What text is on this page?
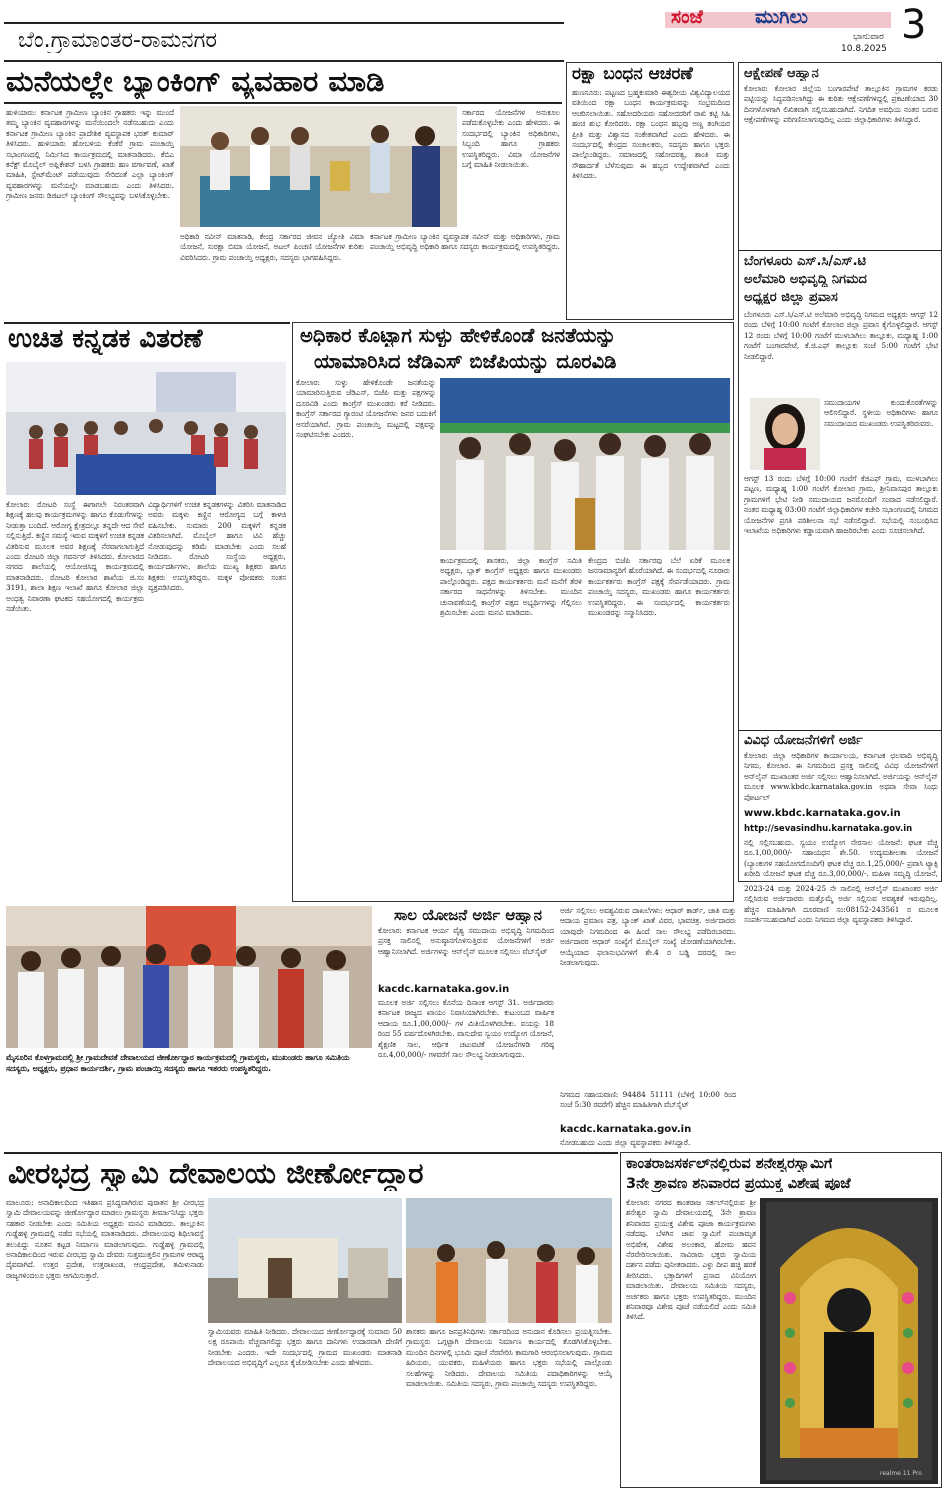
ಬೆಂ.ಗ್ರಾಮಾಂತರ-ರಾಮನಗರ
ಸಂಜೆ	ಮುಗಿಲು
ಭಾನುವಾರ
10.8.2025
3
ಮನೆಯಲ್ಲೇ ಬ್ಯಾಂಕಿಂಗ್ ವ್ಯವಹಾರ ಮಾಡಿ
ಹುಳಿಯಾರು: ಕರ್ನಾಟಕ ಗ್ರಾಮೀಣ ಬ್ಯಾಂಕಿನ ಗ್ರಾಹಕರು ಇನ್ನು ಮುಂದೆ ತಮ್ಮ ಬ್ಯಾಂಕಿನ ವ್ಯವಹಾರಗಳನ್ನು ಮನೆಯಿಂದಲೇ ನಡೆಸಬಹುದು ಎಂದು ಕರ್ನಾಟಕ ಗ್ರಾಮೀಣ ಬ್ಯಾಂಕಿನ ಪ್ರಾದೇಶಿಕ ವ್ಯವಸ್ಥಾಪಕ ಭರತ್ ಕುಮಾರ್ ತಿಳಿಸಿದರು. ಹುಳಿಯಾರು ಹೋಬಳಿಯ ಕೆಂಕೆರೆ ಗ್ರಾಮ ಪಂಚಾಯ್ತಿ ಸಭಾಂಗಣದಲ್ಲಿ ನಿರ್ಮಿಸಿದ ಕಾರ್ಯಕ್ರಮದಲ್ಲಿ ಮಾತನಾಡಿದರು. ಕೆಬಿಎ ಕನೆಕ್ಟ್ ಮೊಬೈಲ್ ಅಪ್ಲಿಕೇಶನ್ ಬಳಸಿ ಗ್ರಾಹಕರು ಹಣ ವರ್ಗಾವಣೆ, ಖಾತೆ ಮಾಹಿತಿ, ಸ್ಟೇಟ್‌ಮೆಂಟ್ ಪಡೆಯುವುದು ಸೇರಿದಂತೆ ಎಲ್ಲಾ ಬ್ಯಾಂಕಿಂಗ್ ವ್ಯವಹಾರಗಳನ್ನು ಮನೆಯಲ್ಲೇ ಮಾಡಬಹುದು ಎಂದು ತಿಳಿಸಿದರು. ಗ್ರಾಮೀಣ ಜನರು ಡಿಜಿಟಲ್ ಬ್ಯಾಂಕಿಂಗ್ ಸೌಲಭ್ಯವನ್ನು ಬಳಸಿಕೊಳ್ಳಬೇಕು.
ಸರ್ಕಾರದ ಯೋಜನೆಗಳ ಅನುಕೂಲ ಪಡೆದುಕೊಳ್ಳಬೇಕು ಎಂದು ಹೇಳಿದರು. ಈ ಸಂದರ್ಭದಲ್ಲಿ ಬ್ಯಾಂಕಿನ ಅಧಿಕಾರಿಗಳು, ಸಿಬ್ಬಂದಿ ಹಾಗೂ ಗ್ರಾಹಕರು ಉಪಸ್ಥಿತರಿದ್ದರು. ವಿಮಾ ಯೋಜನೆಗಳ ಬಗ್ಗೆ ಮಾಹಿತಿ ನೀಡಲಾಯಿತು.
ಅಧಿಕಾರಿ ನವೀನ್ ಮಾತನಾಡಿ, ಕೇಂದ್ರ ಸರ್ಕಾರದ ಜೀವನ ಜ್ಯೋತಿ ವಿಮಾ ಯೋಜನೆ, ಸುರಕ್ಷಾ ಬಿಮಾ ಯೋಜನೆ, ಅಟಲ್ ಪಿಂಚಣಿ ಯೋಜನೆಗಳ ಕುರಿತು ವಿವರಿಸಿದರು. ಗ್ರಾಮ ಪಂಚಾಯ್ತಿ ಅಧ್ಯಕ್ಷರು, ಸದಸ್ಯರು ಭಾಗವಹಿಸಿದ್ದರು.
ಕರ್ನಾಟಕ ಗ್ರಾಮೀಣ ಬ್ಯಾಂಕಿನ ವ್ಯವಸ್ಥಾಪಕ ನವೀನ್ ಮತ್ತು ಅಧಿಕಾರಿಗಳು, ಗ್ರಾಮ ಪಂಚಾಯ್ತಿ ಅಭಿವೃದ್ಧಿ ಅಧಿಕಾರಿ ಹಾಗೂ ಸದಸ್ಯರು ಕಾರ್ಯಕ್ರಮದಲ್ಲಿ ಉಪಸ್ಥಿತರಿದ್ದರು.
ರಕ್ಷಾ ಬಂಧನ ಆಚರಣೆ
ಹುಣಸೂರು: ಪಟ್ಟಣದ ಬ್ರಹ್ಮಕುಮಾರಿ ಈಶ್ವರೀಯ ವಿಶ್ವವಿದ್ಯಾಲಯದ ವತಿಯಿಂದ ರಕ್ಷಾ ಬಂಧನ ಕಾರ್ಯಕ್ರಮವನ್ನು ಸಂಭ್ರಮದಿಂದ ಆಚರಿಸಲಾಯಿತು. ಸಹೋದರಿಯರು ಸಹೋದರರಿಗೆ ರಾಖಿ ಕಟ್ಟಿ ಸಿಹಿ ಹಂಚಿ ಶುಭ ಕೋರಿದರು. ರಕ್ಷಾ ಬಂಧನ ಹಬ್ಬವು ಅಣ್ಣ ತಂಗಿಯರ ಪ್ರೀತಿ ಮತ್ತು ವಿಶ್ವಾಸದ ಸಂಕೇತವಾಗಿದೆ ಎಂದು ಹೇಳಿದರು. ಈ ಸಂದರ್ಭದಲ್ಲಿ ಕೇಂದ್ರದ ಸಂಚಾಲಕರು, ಸದಸ್ಯರು ಹಾಗೂ ಭಕ್ತರು ಪಾಲ್ಗೊಂಡಿದ್ದರು. ಸಮಾಜದಲ್ಲಿ ಸಹೋದರತ್ವ, ಶಾಂತಿ ಮತ್ತು ಸೌಹಾರ್ದತೆ ಬೆಳೆಸುವುದು ಈ ಹಬ್ಬದ ಉದ್ದೇಶವಾಗಿದೆ ಎಂದು ತಿಳಿಸಿದರು.
ಆಕ್ಷೇಪಣೆ ಆಹ್ವಾನ
ಕೋಲಾರ: ಕೋಲಾರ ಜಿಲ್ಲೆಯ ಬಂಗಾರಪೇಟೆ ತಾಲ್ಲೂಕಿನ ಗ್ರಾಮಗಳ ಕರಡು ಪಟ್ಟಿಯನ್ನು ಸಿದ್ಧಪಡಿಸಲಾಗಿದ್ದು ಈ ಕುರಿತು ಆಕ್ಷೇಪಣೆಗಳಿದ್ದಲ್ಲಿ ಪ್ರಕಟಣೆಯಾದ 30 ದಿನಗಳೊಳಗಾಗಿ ಲಿಖಿತವಾಗಿ ಸಲ್ಲಿಸಬಹುದಾಗಿದೆ. ನಿಗದಿತ ಅವಧಿಯ ನಂತರ ಬರುವ ಆಕ್ಷೇಪಣೆಗಳನ್ನು ಪರಿಗಣಿಸಲಾಗುವುದಿಲ್ಲ ಎಂದು ಜಿಲ್ಲಾಧಿಕಾರಿಗಳು ತಿಳಿಸಿದ್ದಾರೆ.
ಬೆಂಗಳೂರು ಎಸ್.ಸಿ/ಎಸ್.ಟಿ
ಅಲೆಮಾರಿ ಅಭಿವೃದ್ಧಿ ನಿಗಮದ
ಅಧ್ಯಕ್ಷರ ಜಿಲ್ಲಾ ಪ್ರವಾಸ
ಬೆಂಗಳೂರು ಎಸ್.ಸಿ/ಎಸ್.ಟಿ ಅಲೆಮಾರಿ ಅಭಿವೃದ್ಧಿ ನಿಗಮದ ಅಧ್ಯಕ್ಷರು ಆಗಸ್ಟ್ 12 ರಂದು ಬೆಳಿಗ್ಗೆ 10:00 ಗಂಟೆಗೆ ಕೋಲಾರ ಜಿಲ್ಲಾ ಪ್ರವಾಸ ಕೈಗೊಳ್ಳಲಿದ್ದಾರೆ. ಆಗಸ್ಟ್ 12 ರಂದು ಬೆಳಿಗ್ಗೆ 10:00 ಗಂಟೆಗೆ ಮುಳಬಾಗಿಲು ತಾಲ್ಲೂಕು, ಮಧ್ಯಾಹ್ನ 1:00 ಗಂಟೆಗೆ ಬಂಗಾರಪೇಟೆ, ಕೆ.ಜಿ.ಎಫ್ ತಾಲ್ಲೂಕು ಸಂಜೆ 5:00 ಗಂಟೆಗೆ ಭೇಟಿ ನೀಡಲಿದ್ದಾರೆ.
ಸಮುದಾಯಗಳ ಕುಂದುಕೊರತೆಗಳನ್ನು ಆಲಿಸಲಿದ್ದಾರೆ. ಸ್ಥಳೀಯ ಅಧಿಕಾರಿಗಳು ಹಾಗೂ ಸಮುದಾಯದ ಮುಖಂಡರು ಉಪಸ್ಥಿತರಿರುವರು.
ಆಗಸ್ಟ್ 13 ರಂದು ಬೆಳಿಗ್ಗೆ 10:00 ಗಂಟೆಗೆ ಕೆಜಿಎಫ್ ಗ್ರಾಮ, ಮುಳಬಾಗಿಲು ಪಟ್ಟಣ, ಮಧ್ಯಾಹ್ನ 1:00 ಗಂಟೆಗೆ ಕೋಲಾರ ಗ್ರಾಮ, ಶ್ರೀನಿವಾಸಪುರ ತಾಲ್ಲೂಕು ಗ್ರಾಮಗಳಿಗೆ ಭೇಟಿ ನೀಡಿ ಸಮುದಾಯದ ಜನರೊಂದಿಗೆ ಸಂವಾದ ನಡೆಸಲಿದ್ದಾರೆ. ನಂತರ ಮಧ್ಯಾಹ್ನ 03:00 ಗಂಟೆಗೆ ಜಿಲ್ಲಾಧಿಕಾರಿಗಳ ಕಚೇರಿ ಸಭಾಂಗಣದಲ್ಲಿ ನಿಗಮದ ಯೋಜನೆಗಳ ಪ್ರಗತಿ ಪರಿಶೀಲನಾ ಸಭೆ ನಡೆಸಲಿದ್ದಾರೆ. ಸಭೆಯಲ್ಲಿ ಸಂಬಂಧಿಸಿದ ಇಲಾಖೆಯ ಅಧಿಕಾರಿಗಳು ಕಡ್ಡಾಯವಾಗಿ ಹಾಜರಿರಬೇಕು ಎಂದು ಸೂಚಿಸಲಾಗಿದೆ.
ವಿವಿಧ ಯೋಜನೆಗಳಿಗೆ ಅರ್ಜಿ
ಕೋಲಾರ: ಜಿಲ್ಲಾ ಆಧಿಕಾರಿಗಳ ಕಾರ್ಯಾಲಯ, ಕರ್ನಾಟಕ ಛಲವಾದಿ ಅಭಿವೃದ್ಧಿ ನಿಗಮ, ಕೋಲಾರ. ಈ ನಿಗಮದಿಂದ ಪ್ರಸಕ್ತ ಸಾಲಿನಲ್ಲಿ ವಿವಿಧ ಯೋಜನೆಗಳಿಗೆ ಆನ್‌ಲೈನ್ ಮುಖಾಂತರ ಅರ್ಜಿ ಸಲ್ಲಿಸಲು ಆಹ್ವಾನಿಸಲಾಗಿದೆ. ಅರ್ಜಿಯನ್ನು ಆನ್‌ಲೈನ್ ಮೂಲಕ www.kbdc.karnataka.gov.in ಅಥವಾ ಸೇವಾ ಸಿಂಧು ಪೋರ್ಟಲ್
www.kbdc.karnataka.gov.in
http://sevasindhu.karnataka.gov.in
ನಲ್ಲಿ ಸಲ್ಲಿಸಬಹುದು. ಸ್ವಯಂ ಉದ್ಯೋಗ ನೇರಸಾಲ ಯೋಜನೆ: ಘಟಕ ವೆಚ್ಚ ರೂ.1,00,000/- ಸಹಾಯಧನ ಶೇ.50. ಉದ್ಯಮಶೀಲತಾ ಯೋಜನೆ (ಬ್ಯಾಂಕುಗಳ ಸಹಯೋಗದೊಂದಿಗೆ) ಘಟಕ ವೆಚ್ಚ ರೂ.1,25,000/- ಪ್ರವಾಸಿ ಟ್ಯಾಕ್ಸಿ ಖರೀದಿ ಯೋಜನೆ ಘಟಕ ವೆಚ್ಚ ರೂ.3,00,000/-. ಮಹಿಳಾ ಸಮೃದ್ಧಿ ಯೋಜನೆ,
2023-24 ಮತ್ತು 2024-25 ನೇ ಸಾಲಿನಲ್ಲಿ ಆನ್‌ಲೈನ್ ಮುಖಾಂತರ ಅರ್ಜಿ ಸಲ್ಲಿಸಿರುವ ಅರ್ಜಿದಾರರು ಮತ್ತೊಮ್ಮೆ ಅರ್ಜಿ ಸಲ್ಲಿಸುವ ಅವಶ್ಯಕತೆ ಇರುವುದಿಲ್ಲ. ಹೆಚ್ಚಿನ ಮಾಹಿತಿಗಾಗಿ ದೂರವಾಣಿ ಸಂ:08152-243561 ರ ಮೂಲಕ ಸಂಪರ್ಕಿಸಬಹುದಾಗಿದೆ ಎಂದು ನಿಗಮದ ಜಿಲ್ಲಾ ವ್ಯವಸ್ಥಾಪಕರು ತಿಳಿಸಿದ್ದಾರೆ.
ಉಚಿತ ಕನ್ನಡಕ ವಿತರಣೆ
ಕೋಲಾರ: ರೋಟರಿ ಸಂಸ್ಥೆ ಈಗಾಗಲೇ ನಿರಂತರವಾಗಿ ಶಿಕ್ಷಣಕ್ಕೆ ಹಲವು ಕಾರ್ಯಕ್ರಮಗಳನ್ನು ಹಾಗೂ ಕೊಡುಗೆಗಳನ್ನು ನೀಡುತ್ತಾ ಬಂದಿದೆ. ಆರೋಗ್ಯ ಕ್ಷೇತ್ರದಲ್ಲೂ ತನ್ನದೇ ಆದ ಸೇವೆ ಸಲ್ಲಿಸುತ್ತಿದೆ. ಕಣ್ಣಿನ ಸಮಸ್ಯೆ ಇರುವ ಮಕ್ಕಳಿಗೆ ಉಚಿತ ಕನ್ನಡಕ ವಿತರಿಸುವ ಮೂಲಕ ಅವರ ಶಿಕ್ಷಣಕ್ಕೆ ನೆರವಾಗಲಾಗುತ್ತಿದೆ ಎಂದು ರೋಟರಿ ಜಿಲ್ಲಾ ಗವರ್ನರ್ ತಿಳಿಸಿದರು. ಕೋಲಾರದ ನಗರದ ಶಾಲೆಯಲ್ಲಿ ಆಯೋಜಿಸಿದ್ದ ಕಾರ್ಯಕ್ರಮದಲ್ಲಿ ಮಾತನಾಡಿದರು. ರೋಟರಿ ಕೋಲಾರ ಶಾಖೆಯ ಜಿ.ಸಂ 3191, ಶಾಲಾ ಶಿಕ್ಷಣ ಇಲಾಖೆ ಹಾಗೂ ಕೋಲಾರ ಜಿಲ್ಲಾ ಅಂಧತ್ವ ನಿವಾರಣಾ ಘಟಕದ ಸಹಯೋಗದಲ್ಲಿ ಕಾರ್ಯಕ್ರಮ ನಡೆಯಿತು.
ವಿದ್ಯಾರ್ಥಿಗಳಿಗೆ ಉಚಿತ ಕನ್ನಡಕಗಳನ್ನು ವಿತರಿಸಿ ಮಾತನಾಡಿದ ಅವರು ಮಕ್ಕಳು ಕಣ್ಣಿನ ಆರೋಗ್ಯದ ಬಗ್ಗೆ ಕಾಳಜಿ ವಹಿಸಬೇಕು. ಸುಮಾರು 200 ಮಕ್ಕಳಿಗೆ ಕನ್ನಡಕ ವಿತರಿಸಲಾಗಿದೆ. ಮೊಬೈಲ್ ಹಾಗೂ ಟಿವಿ ಹೆಚ್ಚು ನೋಡುವುದನ್ನು ಕಡಿಮೆ ಮಾಡಬೇಕು ಎಂದು ಸಲಹೆ ನೀಡಿದರು. ರೋಟರಿ ಸಂಸ್ಥೆಯ ಅಧ್ಯಕ್ಷರು, ಕಾರ್ಯದರ್ಶಿಗಳು, ಶಾಲೆಯ ಮುಖ್ಯ ಶಿಕ್ಷಕರು ಹಾಗೂ ಶಿಕ್ಷಕರು ಉಪಸ್ಥಿತರಿದ್ದರು. ಮಕ್ಕಳ ಪೋಷಕರು ಸಂತಸ ವ್ಯಕ್ತಪಡಿಸಿದರು.
ಅಧಿಕಾರ ಕೊಟ್ಟಾಗ ಸುಳ್ಳು ಹೇಳಿಕೊಂಡೆ ಜನತೆಯನ್ನು
ಯಾಮಾರಿಸಿದ ಜೆಡಿಎಸ್ ಬಿಜೆಪಿಯನ್ನು ದೂರವಿಡಿ
ಕೋಲಾರ: ಸುಳ್ಳು ಹೇಳಿಕೊಂಡೇ ಜನತೆಯನ್ನು ಯಾಮಾರಿಸುತ್ತಿರುವ ಜೆಡಿಎಸ್, ಬಿಜೆಪಿ ಮತ್ತು ಪಕ್ಷಗಳನ್ನು ದೂರವಿಡಿ ಎಂದು ಕಾಂಗ್ರೆಸ್ ಮುಖಂಡರು ಕರೆ ನೀಡಿದರು. ಕಾಂಗ್ರೆಸ್ ಸರ್ಕಾರದ ಗ್ಯಾರಂಟಿ ಯೋಜನೆಗಳು ಜನರ ಬದುಕಿಗೆ ಆಸರೆಯಾಗಿವೆ. ಗ್ರಾಮ ಪಂಚಾಯ್ತಿ ಮಟ್ಟದಲ್ಲಿ ಪಕ್ಷವನ್ನು ಸಂಘಟಿಸಬೇಕು ಎಂದರು.
ಕಾರ್ಯಕ್ರಮದಲ್ಲಿ ಶಾಸಕರು, ಜಿಲ್ಲಾ ಕಾಂಗ್ರೆಸ್ ಸಮಿತಿ ಅಧ್ಯಕ್ಷರು, ಬ್ಲಾಕ್ ಕಾಂಗ್ರೆಸ್ ಅಧ್ಯಕ್ಷರು ಹಾಗೂ ಮುಖಂಡರು ಪಾಲ್ಗೊಂಡಿದ್ದರು. ಪಕ್ಷದ ಕಾರ್ಯಕರ್ತರು ಮನೆ ಮನೆಗೆ ತೆರಳಿ ಸರ್ಕಾರದ ಸಾಧನೆಗಳನ್ನು ತಿಳಿಸಬೇಕು. ಮುಂದಿನ ಚುನಾವಣೆಯಲ್ಲಿ ಕಾಂಗ್ರೆಸ್ ಪಕ್ಷದ ಅಭ್ಯರ್ಥಿಗಳನ್ನು ಗೆಲ್ಲಿಸಲು ಶ್ರಮಿಸಬೇಕು ಎಂದು ಮನವಿ ಮಾಡಿದರು.
ಕೇಂದ್ರದ ಬಿಜೆಪಿ ಸರ್ಕಾರವು ಬೆಲೆ ಏರಿಕೆ ಮೂಲಕ ಜನಸಾಮಾನ್ಯರಿಗೆ ಹೊರೆಯಾಗಿದೆ. ಈ ಸಂದರ್ಭದಲ್ಲಿ ನೂರಾರು ಕಾರ್ಯಕರ್ತರು ಕಾಂಗ್ರೆಸ್ ಪಕ್ಷಕ್ಕೆ ಸೇರ್ಪಡೆಯಾದರು. ಗ್ರಾಮ ಪಂಚಾಯ್ತಿ ಸದಸ್ಯರು, ಮುಖಂಡರು ಹಾಗೂ ಕಾರ್ಯಕರ್ತರು ಉಪಸ್ಥಿತರಿದ್ದರು. ಈ ಸಂದರ್ಭದಲ್ಲಿ ಕಾರ್ಯಕರ್ತರು ಮುಖಂಡರನ್ನು ಸನ್ಮಾನಿಸಿದರು.
ಮೈಸೂರಿನ ಕೊಳಗ್ರಾಮದಲ್ಲಿ ಶ್ರೀ ಗ್ರಾಮದೇವತೆ ದೇವಾಲಯದ ಜೀರ್ಣೋದ್ಧಾರ ಕಾರ್ಯಕ್ರಮದಲ್ಲಿ ಗ್ರಾಮಸ್ಥರು, ಮುಖಂಡರು ಹಾಗೂ ಸಮಿತಿಯ ಸದಸ್ಯರು, ಅಧ್ಯಕ್ಷರು, ಪ್ರಧಾನ ಕಾರ್ಯದರ್ಶಿ, ಗ್ರಾಮ ಪಂಚಾಯ್ತಿ ಸದಸ್ಯರು ಹಾಗೂ ಇತರರು ಉಪಸ್ಥಿತರಿದ್ದರು.
ಸಾಲ ಯೋಜನೆ ಅರ್ಜಿ ಆಹ್ವಾನ
ಕೋಲಾರ: ಕರ್ನಾಟಕ ಆರ್ಯ ವೈಶ್ಯ ಸಮುದಾಯ ಅಭಿವೃದ್ಧಿ ನಿಗಮದಿಂದ ಪ್ರಸಕ್ತ ಸಾಲಿನಲ್ಲಿ ಅನುಷ್ಠಾನಗೊಳಿಸುತ್ತಿರುವ ಯೋಜನೆಗಳಿಗೆ ಅರ್ಜಿ ಆಹ್ವಾನಿಸಲಾಗಿದೆ. ಅರ್ಜಿಗಳನ್ನು ಆನ್‌ಲೈನ್ ಮೂಲಕ ಸಲ್ಲಿಸಲು ವೆಬ್‌ಸೈಟ್
kacdc.karnataka.gov.in
ಮೂಲಕ ಅರ್ಜಿ ಸಲ್ಲಿಸಲು ಕೊನೆಯ ದಿನಾಂಕ ಆಗಸ್ಟ್ 31. ಅರ್ಜಿದಾರರು ಕರ್ನಾಟಕ ರಾಜ್ಯದ ಖಾಯಂ ನಿವಾಸಿಯಾಗಿರಬೇಕು. ಕುಟುಂಬದ ವಾರ್ಷಿಕ ಆದಾಯ ರೂ.1,00,000/- ಗಳ ಮಿತಿಯೊಳಗಿರಬೇಕು. ವಯಸ್ಸು 18 ರಿಂದ 55 ವರ್ಷದೊಳಗಿರಬೇಕು. ವಾಸುದೇವ ಸ್ವಯಂ ಉದ್ಯೋಗ ಯೋಜನೆ, ಶೈಕ್ಷಣಿಕ ಸಾಲ, ಆರ್ಥಿಕ ಚಟುವಟಿಕೆ ಯೋಜನೆಗಳಡಿ ಗರಿಷ್ಠ ರೂ.4,00,000/- ಗಳವರೆಗೆ ಸಾಲ ಸೌಲಭ್ಯ ನೀಡಲಾಗುವುದು.
ಅರ್ಜಿ ಸಲ್ಲಿಸಲು ಅವಶ್ಯವಿರುವ ದಾಖಲೆಗಳು: ಆಧಾರ್ ಕಾರ್ಡ್, ಜಾತಿ ಮತ್ತು ಆದಾಯ ಪ್ರಮಾಣ ಪತ್ರ, ಬ್ಯಾಂಕ್ ಖಾತೆ ವಿವರ, ಭಾವಚಿತ್ರ. ಅರ್ಜಿದಾರರು ಯಾವುದೇ ನಿಗಮದಿಂದ ಈ ಹಿಂದೆ ಸಾಲ ಸೌಲಭ್ಯ ಪಡೆದಿರಬಾರದು. ಅರ್ಜಿದಾರರ ಆಧಾರ್ ಸಂಖ್ಯೆಗೆ ಮೊಬೈಲ್ ಸಂಖ್ಯೆ ಜೋಡಣೆಯಾಗಿರಬೇಕು. ಆಯ್ಕೆಯಾದ ಫಲಾನುಭವಿಗಳಿಗೆ ಶೇ.4 ರ ಬಡ್ಡಿ ದರದಲ್ಲಿ ಸಾಲ ನೀಡಲಾಗುವುದು.
ನಿಗಮದ ಸಹಾಯವಾಣಿ: 94484 51111 (ಬೆಳಿಗ್ಗೆ 10:00 ರಿಂದ ಸಂಜೆ 5:30 ರವರೆಗೆ) ಹೆಚ್ಚಿನ ಮಾಹಿತಿಗಾಗಿ ವೆಬ್‌ಸೈಟ್
kacdc.karnataka.gov.in
ನೋಡಬಹುದು ಎಂದು ಜಿಲ್ಲಾ ವ್ಯವಸ್ಥಾಪಕರು ತಿಳಿಸಿದ್ದಾರೆ.
ವೀರಭದ್ರ ಸ್ವಾಮಿ ದೇವಾಲಯ ಜೀರ್ಣೋದ್ಧಾರ
ಮಾಲೂರು: ಅನಾದಿಕಾಲದಿಂದ ಇತಿಹಾಸ ಪ್ರಸಿದ್ಧವಾಗಿರುವ ಪುರಾತನ ಶ್ರೀ ವೀರಭದ್ರ ಸ್ವಾಮಿ ದೇವಾಲಯವನ್ನು ಜೀರ್ಣೋದ್ಧಾರ ಮಾಡಲು ಗ್ರಾಮಸ್ಥರು ತೀರ್ಮಾನಿಸಿದ್ದು ಭಕ್ತರು ಸಹಕಾರ ನೀಡಬೇಕು ಎಂದು ಸಮಿತಿಯ ಅಧ್ಯಕ್ಷರು ಮನವಿ ಮಾಡಿದರು. ತಾಲ್ಲೂಕಿನ ಗುಡ್ಡೆಹಳ್ಳಿ ಗ್ರಾಮದಲ್ಲಿ ನಡೆದ ಸಭೆಯಲ್ಲಿ ಮಾತನಾಡಿದರು. ದೇವಾಲಯವು ಶಿಥಿಲಾವಸ್ಥೆ ತಲುಪಿದ್ದು ನೂತನ ಕಟ್ಟಡ ನಿರ್ಮಾಣ ಮಾಡಲಾಗುವುದು. ಗುಡ್ಡೆಹಳ್ಳಿ ಗ್ರಾಮದಲ್ಲಿ ಅನಾದಿಕಾಲದಿಂದ ಇರುವ ವೀರಭದ್ರ ಸ್ವಾಮಿ ದೇವರು ಸುತ್ತಮುತ್ತಲಿನ ಗ್ರಾಮಗಳ ಆರಾಧ್ಯ ದೈವವಾಗಿದೆ. ಉತ್ತರ ಪ್ರದೇಶ, ಉತ್ತರಾಖಂಡ, ಆಂಧ್ರಪ್ರದೇಶ, ತಮಿಳುನಾಡು ರಾಜ್ಯಗಳಿಂದಲೂ ಭಕ್ತರು ಆಗಮಿಸುತ್ತಾರೆ.
ಸ್ವಾಮಿಯವರು ಮಾಹಿತಿ ನೀಡಿದರು. ದೇವಾಲಯದ ಜೀರ್ಣೋದ್ಧಾರಕ್ಕೆ ಸುಮಾರು 50 ಲಕ್ಷ ರೂಪಾಯಿ ವೆಚ್ಚವಾಗಲಿದ್ದು ಭಕ್ತರು ಹಾಗೂ ದಾನಿಗಳು ಉದಾರವಾಗಿ ದೇಣಿಗೆ ನೀಡಬೇಕು ಎಂದರು. ಇದೇ ಸಂದರ್ಭದಲ್ಲಿ ಗ್ರಾಮದ ಮುಖಂಡರು ಮಾತನಾಡಿ ದೇವಾಲಯದ ಅಭಿವೃದ್ಧಿಗೆ ಎಲ್ಲರೂ ಕೈಜೋಡಿಸಬೇಕು ಎಂದು ಹೇಳಿದರು.
ಶಾಸಕರು ಹಾಗೂ ಜನಪ್ರತಿನಿಧಿಗಳು ಸರ್ಕಾರದಿಂದ ಅನುದಾನ ಕೊಡಿಸಲು ಪ್ರಯತ್ನಿಸಬೇಕು. ಗ್ರಾಮಸ್ಥರು ಒಗ್ಗಟ್ಟಾಗಿ ದೇವಾಲಯ ನಿರ್ಮಾಣ ಕಾರ್ಯದಲ್ಲಿ ತೊಡಗಿಸಿಕೊಳ್ಳಬೇಕು. ಮುಂದಿನ ದಿನಗಳಲ್ಲಿ ಭೂಮಿ ಪೂಜೆ ನೆರವೇರಿಸಿ ಕಾಮಗಾರಿ ಆರಂಭಿಸಲಾಗುವುದು. ಗ್ರಾಮದ ಹಿರಿಯರು, ಯುವಕರು, ಮಹಿಳೆಯರು ಹಾಗೂ ಭಕ್ತರು ಸಭೆಯಲ್ಲಿ ಪಾಲ್ಗೊಂಡು ಸಲಹೆಗಳನ್ನು ನೀಡಿದರು. ದೇವಾಲಯ ಸಮಿತಿಯ ಪದಾಧಿಕಾರಿಗಳನ್ನು ಆಯ್ಕೆ ಮಾಡಲಾಯಿತು. ಸಮಿತಿಯ ಸದಸ್ಯರು, ಗ್ರಾಮ ಪಂಚಾಯ್ತಿ ಸದಸ್ಯರು ಉಪಸ್ಥಿತರಿದ್ದರು.
ಕಾಂತರಾಜಸರ್ಕಲ್‌ನಲ್ಲಿರುವ ಶನೇಶ್ವರಸ್ವಾಮಿಗೆ
3ನೇ ಶ್ರಾವಣ ಶನಿವಾರದ ಪ್ರಯುಕ್ತ ವಿಶೇಷ ಪೂಜೆ
ಕೋಲಾರ: ನಗರದ ಕಾಂತರಾಜ ಸರ್ಕಲ್‌ನಲ್ಲಿರುವ ಶ್ರೀ ಶನೇಶ್ವರ ಸ್ವಾಮಿ ದೇವಾಲಯದಲ್ಲಿ 3ನೇ ಶ್ರಾವಣ ಶನಿವಾರದ ಪ್ರಯುಕ್ತ ವಿಶೇಷ ಪೂಜಾ ಕಾರ್ಯಕ್ರಮಗಳು ನಡೆದವು. ಬೆಳಗಿನ ಜಾವ ಸ್ವಾಮಿಗೆ ಪಂಚಾಮೃತ ಅಭಿಷೇಕ, ವಿಶೇಷ ಅಲಂಕಾರ, ಹೋಮ ಹವನ ನೆರವೇರಿಸಲಾಯಿತು. ಸಾವಿರಾರು ಭಕ್ತರು ಸ್ವಾಮಿಯ ದರ್ಶನ ಪಡೆದು ಪುನೀತರಾದರು. ಎಳ್ಳು ದೀಪ ಹಚ್ಚಿ ಹರಕೆ ತೀರಿಸಿದರು. ಭಕ್ತಾದಿಗಳಿಗೆ ಪ್ರಸಾದ ವಿನಿಯೋಗ ಮಾಡಲಾಯಿತು. ದೇವಾಲಯ ಸಮಿತಿಯ ಸದಸ್ಯರು, ಅರ್ಚಕರು ಹಾಗೂ ಭಕ್ತರು ಉಪಸ್ಥಿತರಿದ್ದರು. ಮುಂದಿನ ಶನಿವಾರವೂ ವಿಶೇಷ ಪೂಜೆ ನಡೆಯಲಿದೆ ಎಂದು ಸಮಿತಿ ತಿಳಿಸಿದೆ.
realme 11 Pro
